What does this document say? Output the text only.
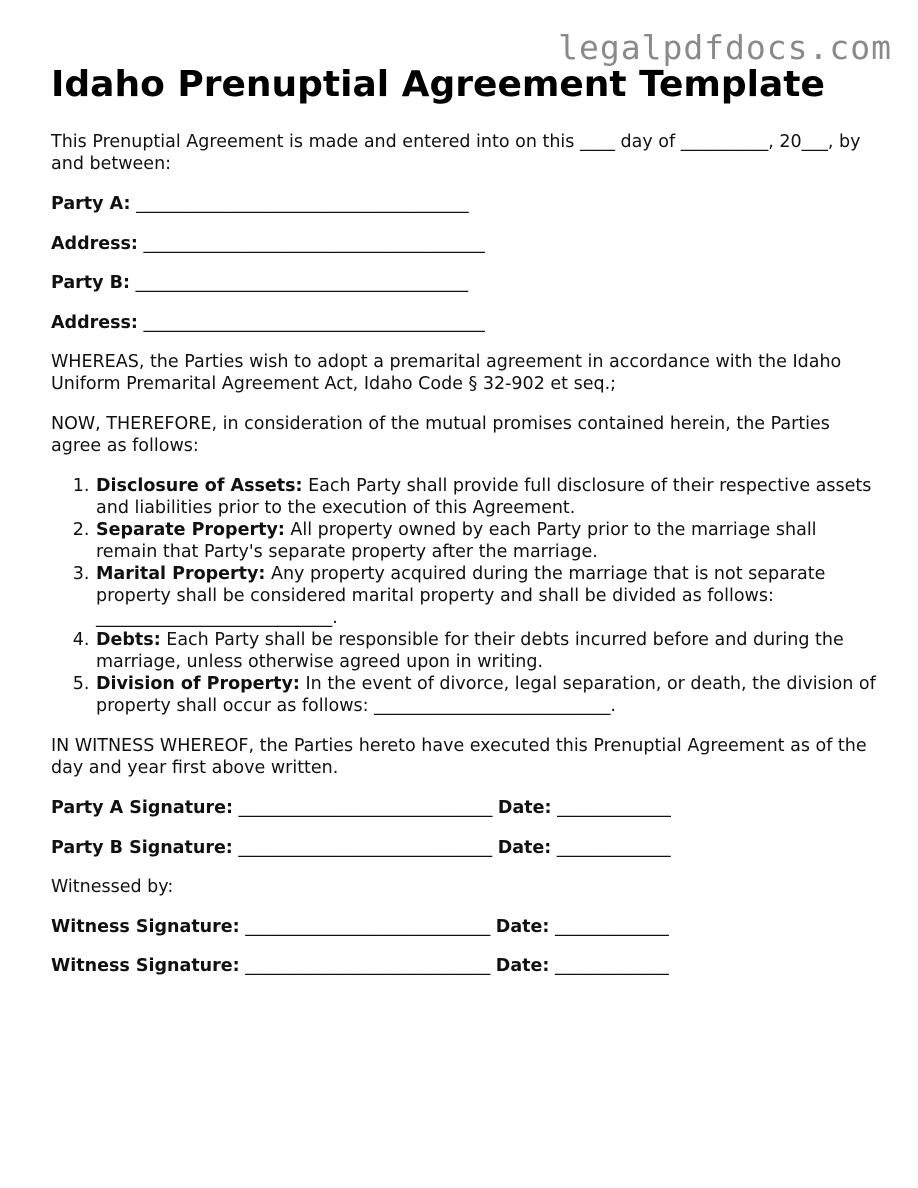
legalpdfdocs.com
Idaho Prenuptial Agreement Template

This Prenuptial Agreement is made and entered into on this ____ day of __________, 20___, by and between:

Party A: ______________________________________

Address: _______________________________________

Party B: ______________________________________

Address: _______________________________________

WHEREAS, the Parties wish to adopt a premarital agreement in accordance with the Idaho Uniform Premarital Agreement Act, Idaho Code § 32-902 et seq.;

NOW, THEREFORE, in consideration of the mutual promises contained herein, the Parties agree as follows:

1. Disclosure of Assets: Each Party shall provide full disclosure of their respective assets and liabilities prior to the execution of this Agreement.
2. Separate Property: All property owned by each Party prior to the marriage shall remain that Party's separate property after the marriage.
3. Marital Property: Any property acquired during the marriage that is not separate property shall be considered marital property and shall be divided as follows: ___________________________.
4. Debts: Each Party shall be responsible for their debts incurred before and during the marriage, unless otherwise agreed upon in writing.
5. Division of Property: In the event of divorce, legal separation, or death, the division of property shall occur as follows: ___________________________.

IN WITNESS WHEREOF, the Parties hereto have executed this Prenuptial Agreement as of the day and year first above written.

Party A Signature: _____________________________ Date: _____________

Party B Signature: _____________________________ Date: _____________

Witnessed by:

Witness Signature: ____________________________ Date: _____________

Witness Signature: ____________________________ Date: _____________
